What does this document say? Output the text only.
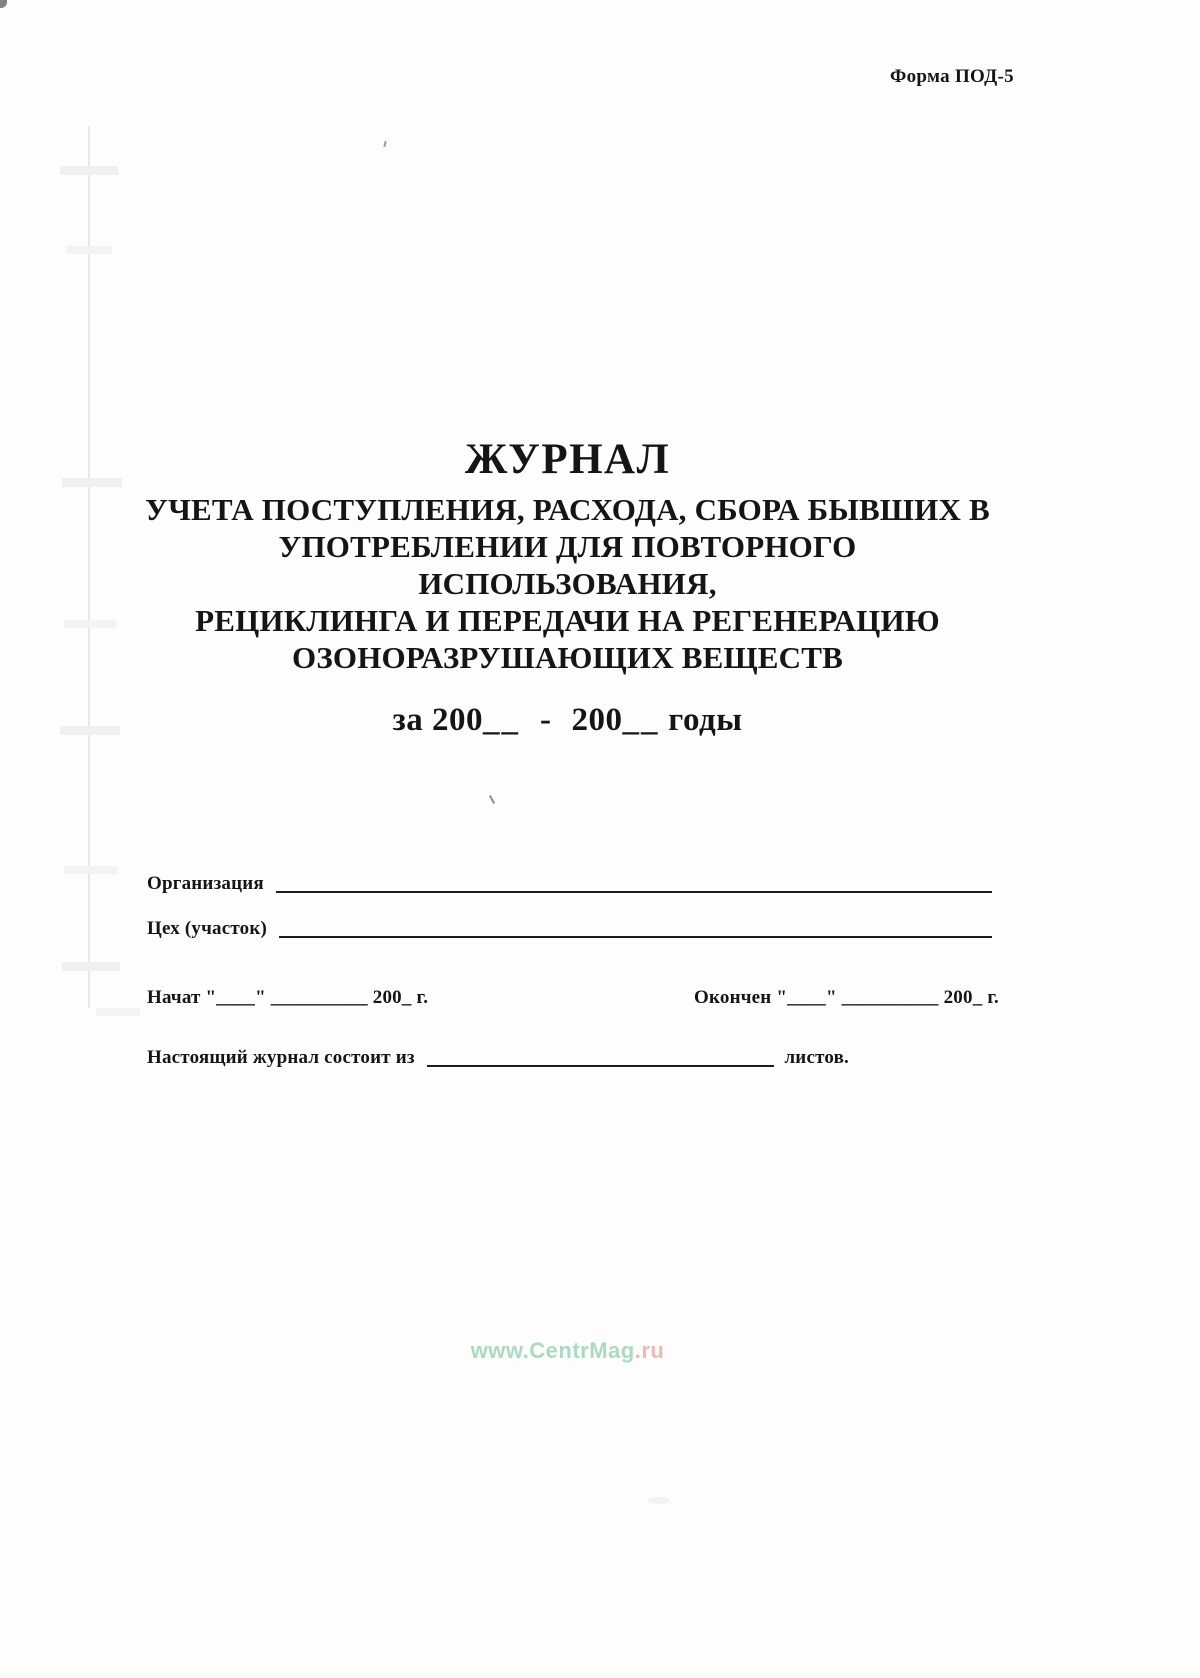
Форма ПОД-5
ЖУРНАЛ
УЧЕТА ПОСТУПЛЕНИЯ, РАСХОДА, СБОРА БЫВШИХ В
УПОТРЕБЛЕНИИ ДЛЯ ПОВТОРНОГО ИСПОЛЬЗОВАНИЯ,
РЕЦИКЛИНГА И ПЕРЕДАЧИ НА РЕГЕНЕРАЦИЮ
ОЗОНОРАЗРУШАЮЩИХ ВЕЩЕСТВ
за 200__ - 200__ годы
Организация
Цех (участок)
Начат "____" __________ 200_ г.	Окончен "____" __________ 200_ г.
Настоящий журнал состоит из	листов.
www.CentrMag.ru
